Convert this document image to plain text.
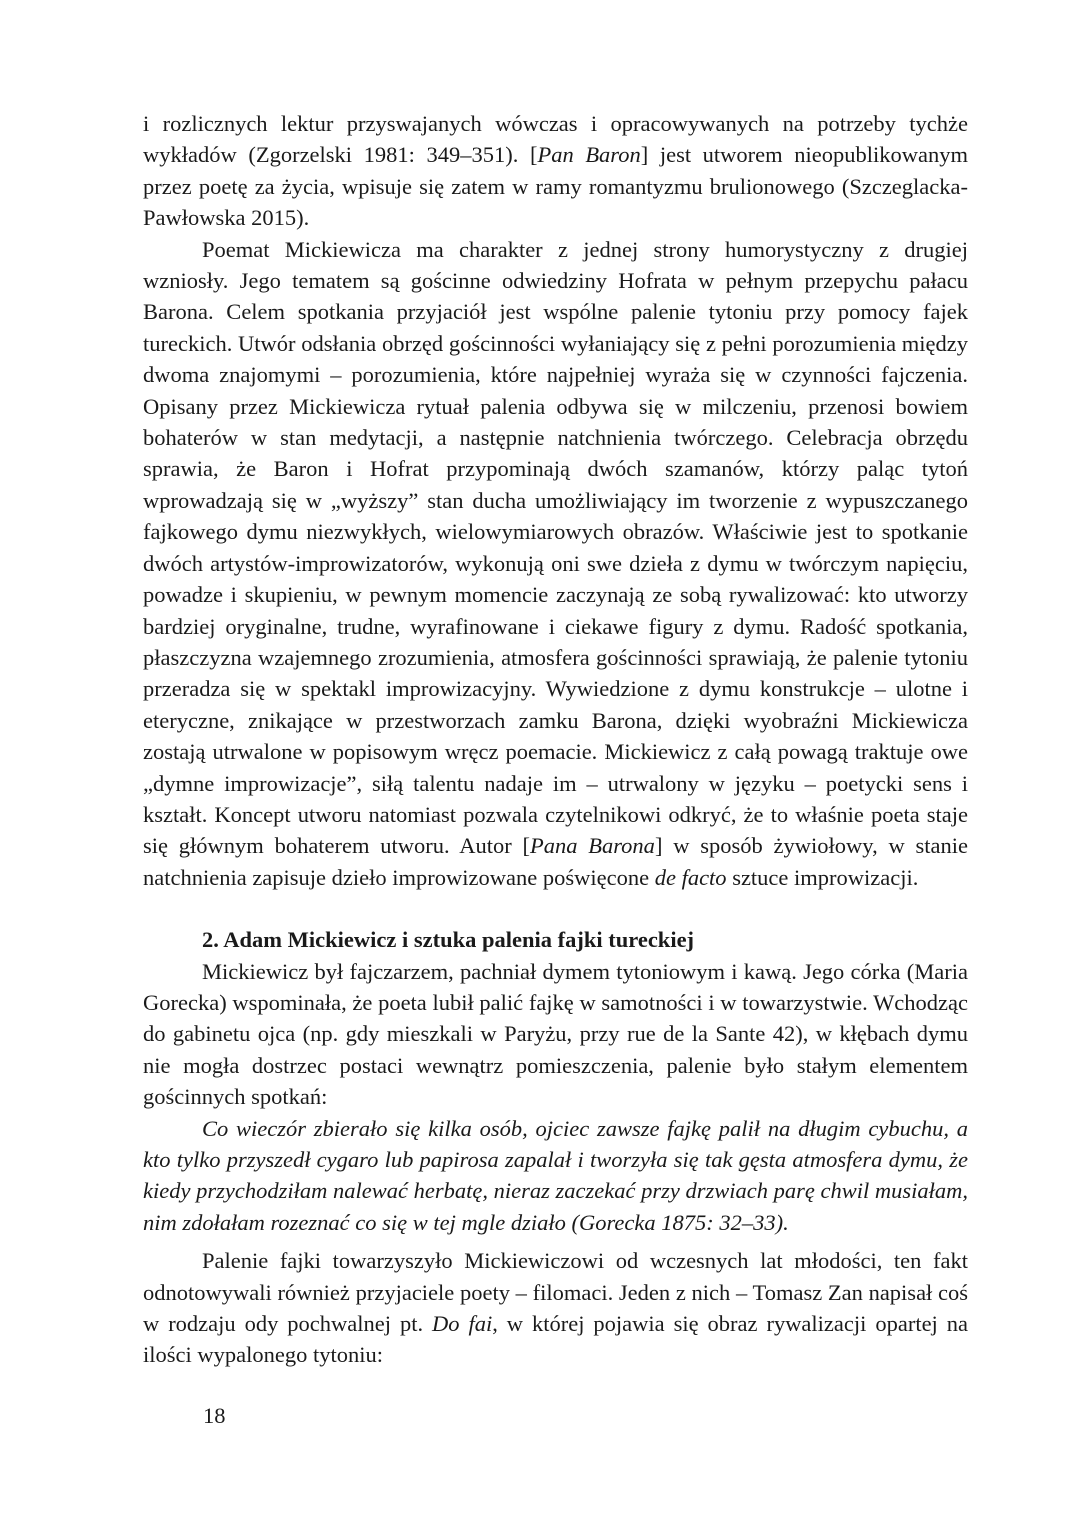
i rozlicznych lektur przyswajanych wówczas i opracowywanych na potrzeby tychże wykładów (Zgorzelski 1981: 349–351). [Pan Baron] jest utworem nieopublikowanym przez poetę za życia, wpisuje się zatem w ramy romantyzmu brulionowego (Szczeglacka-Pawłowska 2015).

Poemat Mickiewicza ma charakter z jednej strony humorystyczny z drugiej wzniosły. Jego tematem są gościnne odwiedziny Hofrata w pełnym przepychu pałacu Barona. Celem spotkania przyjaciół jest wspólne palenie tytoniu przy pomocy fajek tureckich. Utwór odsłania obrzęd gościnności wyłaniający się z pełni porozumienia między dwoma znajomymi – porozumienia, które najpełniej wyraża się w czynności fajczenia. Opisany przez Mickiewicza rytuał palenia odbywa się w milczeniu, przenosi bowiem bohaterów w stan medytacji, a następnie natchnienia twórczego. Celebracja obrzędu sprawia, że Baron i Hofrat przypominają dwóch szamanów, którzy paląc tytoń wprowadzają się w „wyższy” stan ducha umożliwiający im tworzenie z wypuszczanego fajkowego dymu niezwykłych, wielowymiarowych obrazów. Właściwie jest to spotkanie dwóch artystów-improwizatorów, wykonują oni swe dzieła z dymu w twórczym napięciu, powadze i skupieniu, w pewnym momencie zaczynają ze sobą rywalizować: kto utworzy bardziej oryginalne, trudne, wyrafinowane i ciekawe figury z dymu. Radość spotkania, płaszczyzna wzajemnego zrozumienia, atmosfera gościnności sprawiają, że palenie tytoniu przeradza się w spektakl improwizacyjny. Wywiedzione z dymu konstrukcje – ulotne i eteryczne, znikające w przestworzach zamku Barona, dzięki wyobraźni Mickiewicza zostają utrwalone w popisowym wręcz poemacie. Mickiewicz z całą powagą traktuje owe „dymne improwizacje”, siłą talentu nadaje im – utrwalony w języku – poetycki sens i kształt. Koncept utworu natomiast pozwala czytelnikowi odkryć, że to właśnie poeta staje się głównym bohaterem utworu. Autor [Pana Barona] w sposób żywiołowy, w stanie natchnienia zapisuje dzieło improwizowane poświęcone de facto sztuce improwizacji.

2. Adam Mickiewicz i sztuka palenia fajki tureckiej

Mickiewicz był fajczarzem, pachniał dymem tytoniowym i kawą. Jego córka (Maria Gorecka) wspominała, że poeta lubił palić fajkę w samotności i w towarzystwie. Wchodząc do gabinetu ojca (np. gdy mieszkali w Paryżu, przy rue de la Sante 42), w kłębach dymu nie mogła dostrzec postaci wewnątrz pomieszczenia, palenie było stałym elementem gościnnych spotkań:

Co wieczór zbierało się kilka osób, ojciec zawsze fajkę palił na długim cybuchu, a kto tylko przyszedł cygaro lub papirosa zapalał i tworzyła się tak gęsta atmosfera dymu, że kiedy przychodziłam nalewać herbatę, nieraz zaczekać przy drzwiach parę chwil musiałam, nim zdołałam rozeznać co się w tej mgle działo (Gorecka 1875: 32–33).

Palenie fajki towarzyszyło Mickiewiczowi od wczesnych lat młodości, ten fakt odnotowywali również przyjaciele poety – filomaci. Jeden z nich – Tomasz Zan napisał coś w rodzaju ody pochwalnej pt. Do fai, w której pojawia się obraz rywalizacji opartej na ilości wypalonego tytoniu:

18
